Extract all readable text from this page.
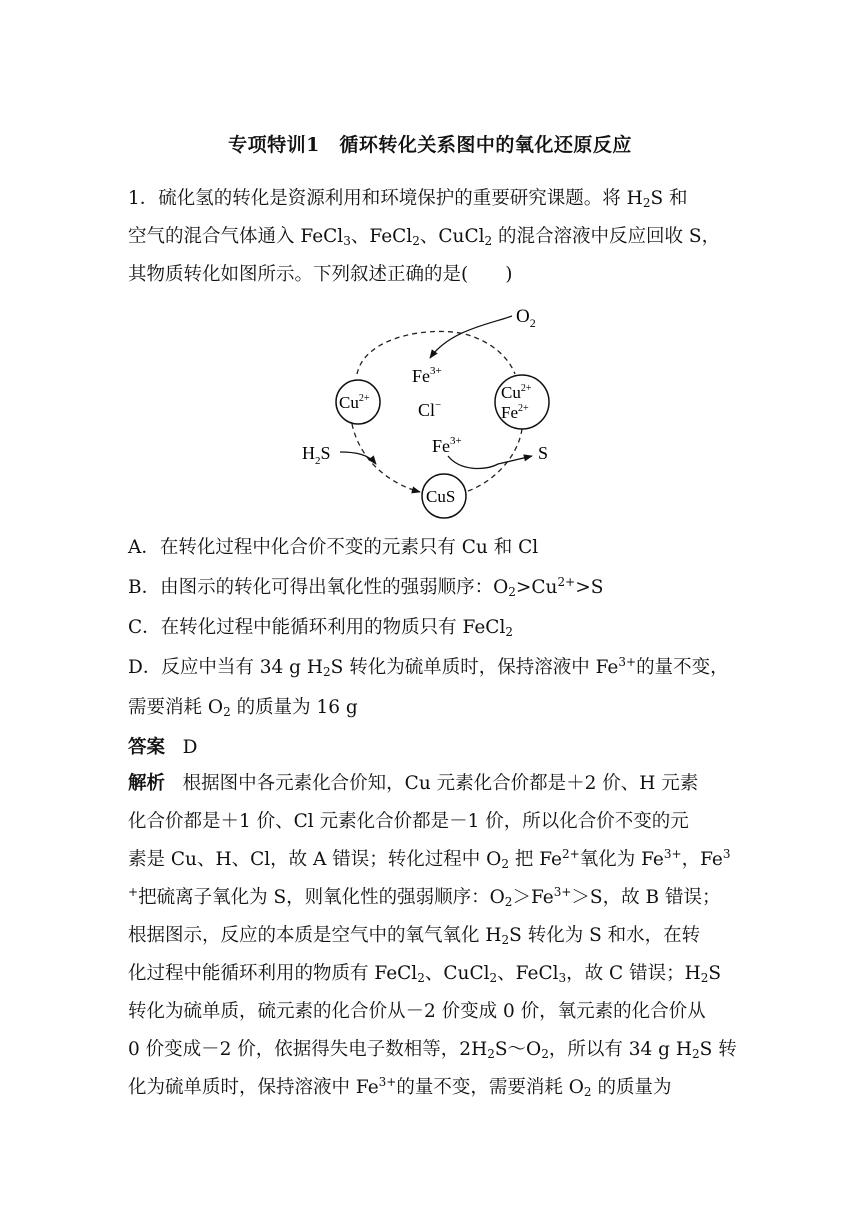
专项特训1　循环转化关系图中的氧化还原反应
1．硫化氢的转化是资源利用和环境保护的重要研究课题。将 $H_2S$ 和
空气的混合气体通入 FeCl$_3$、FeCl$_2$、CuCl$_2$ 的混合溶液中反应回收 S，
其物质转化如图所示。下列叙述正确的是(　　)
$O_2$
$Fe^{3+}$
Cl−
$Cu^{2+}$	$Cu^{2+}$
$Fe^{2+}$
$H_2S$	$Fe^{3+}$
S
CuS
A．在转化过程中化合价不变的元素只有 Cu 和 Cl
B．由图示的转化可得出氧化性的强弱顺序：$O_2>Cu^{2+}>S$
C．在转化过程中能循环利用的物质只有 FeCl$_2$
D．反应中当有 34 g $H_2S$ 转化为硫单质时，保持溶液中 $Fe^{3+}$的量不变，
需要消耗 $O_2$ 的质量为 16 g
答案 D
解析 根据图中各元素化合价知，Cu 元素化合价都是＋2 价、H 元素
化合价都是＋1 价、Cl 元素化合价都是－1 价，所以化合价不变的元
素是 Cu、H、Cl，故 A 错误；转化过程中 $O_2$ 把 $Fe^{2+}$氧化为 $Fe^{3+}$，Fe$^3$
+把硫离子氧化为 S，则氧化性的强弱顺序：$O_2>Fe^{3+}>S$，故 B 错误；
根据图示，反应的本质是空气中的氧气氧化 $H_2S$ 转化为 S 和水，在转
化过程中能循环利用的物质有 FeCl$_2$、CuCl$_2$、FeCl$_3$，故 C 错误；$H_2S$
转化为硫单质，硫元素的化合价从－2 价变成 0 价，氧元素的化合价从
0 价变成－2 价，依据得失电子数相等，$2H_2S\sim O_2$，所以有 34 g $H_2S$ 转
化为硫单质时，保持溶液中 $Fe^{3+}$的量不变，需要消耗 $O_2$ 的质量为
